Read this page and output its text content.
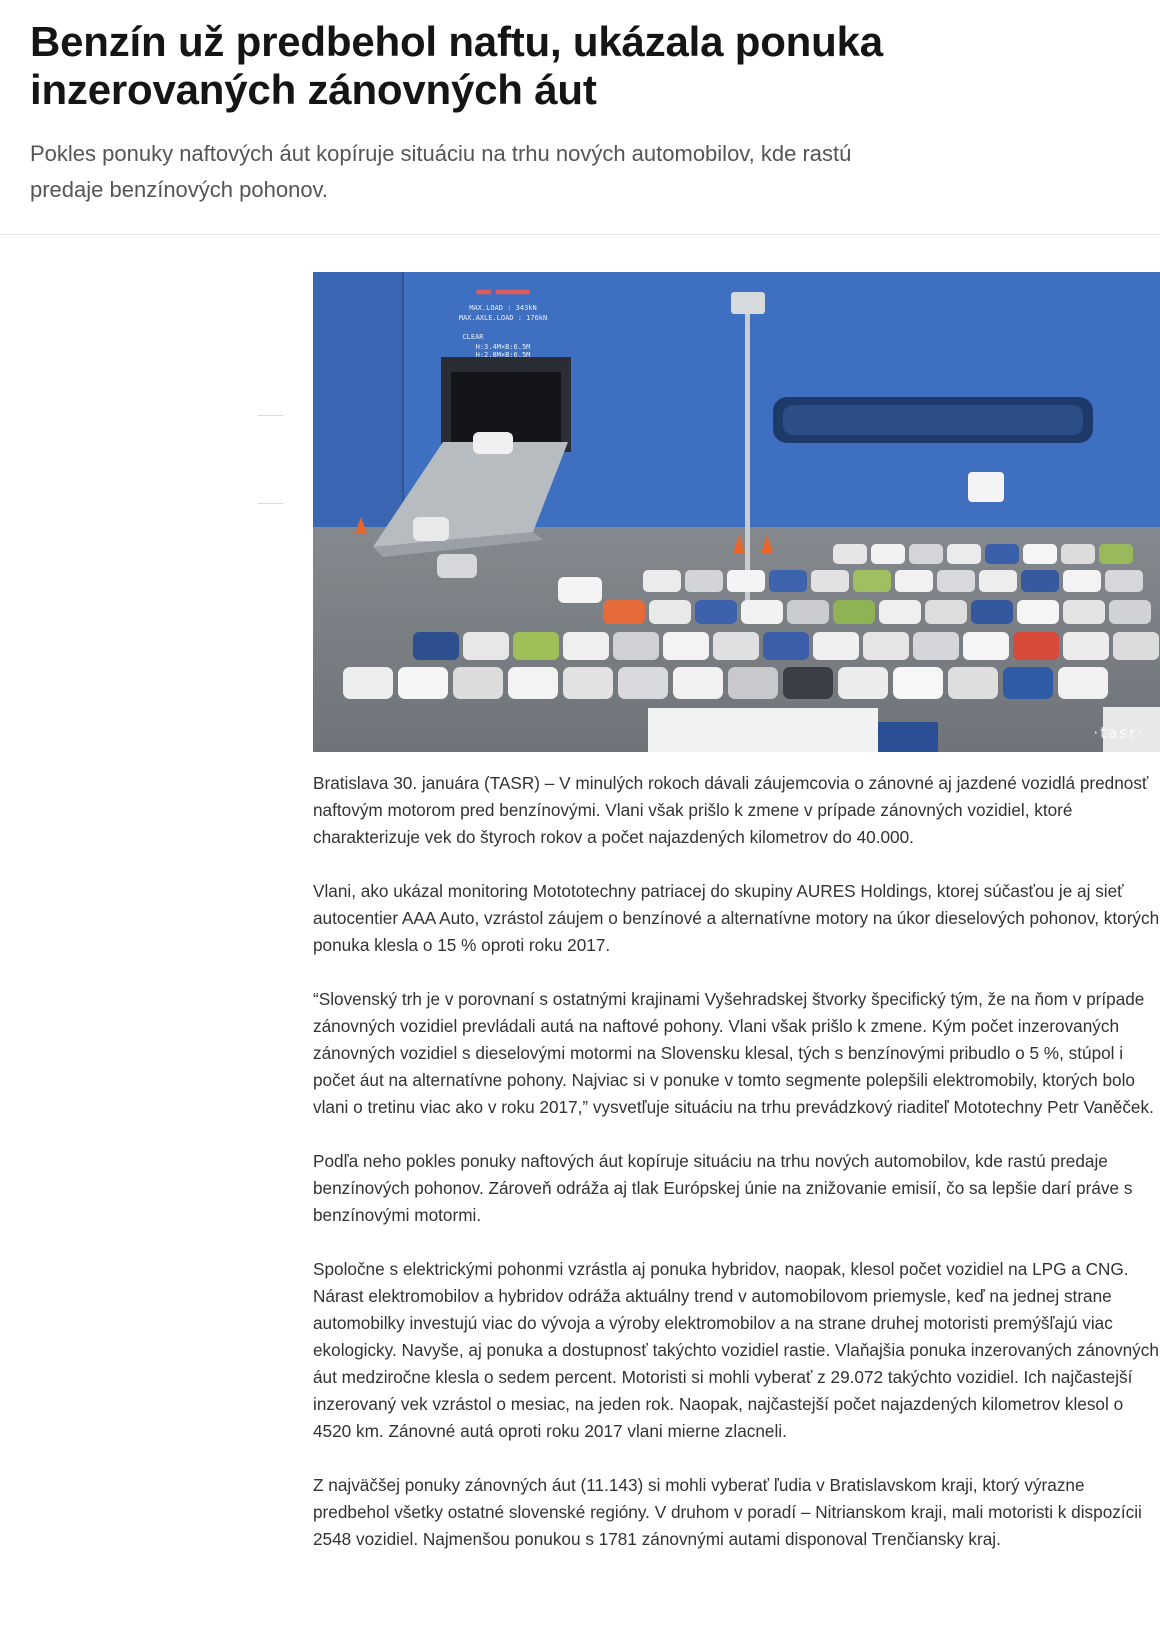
Benzín už predbehol naftu, ukázala ponuka inzerovaných zánovných áut

Pokles ponuky naftových áut kopíruje situáciu na trhu nových automobilov, kde rastú predaje benzínových pohonov.

■■■ ■■■■■■■
MAX.LOAD : 343kN
MAX.AXLE.LOAD : 176kN
CLEAR
H:3.4M×B:6.5M
H:2.8M×B:6.5M
·tasr·

Bratislava 30. januára (TASR) – V minulých rokoch dávali záujemcovia o zánovné aj jazdené vozidlá prednosť naftovým motorom pred benzínovými. Vlani však prišlo k zmene v prípade zánovných vozidiel, ktoré charakterizuje vek do štyroch rokov a počet najazdených kilometrov do 40.000.

Vlani, ako ukázal monitoring Motototechny patriacej do skupiny AURES Holdings, ktorej súčasťou je aj sieť autocentier AAA Auto, vzrástol záujem o benzínové a alternatívne motory na úkor dieselových pohonov, ktorých ponuka klesla o 15 % oproti roku 2017.

“Slovenský trh je v porovnaní s ostatnými krajinami Vyšehradskej štvorky špecifický tým, že na ňom v prípade zánovných vozidiel prevládali autá na naftové pohony. Vlani však prišlo k zmene. Kým počet inzerovaných zánovných vozidiel s dieselovými motormi na Slovensku klesal, tých s benzínovými pribudlo o 5 %, stúpol i počet áut na alternatívne pohony. Najviac si v ponuke v tomto segmente polepšili elektromobily, ktorých bolo vlani o tretinu viac ako v roku 2017,” vysvetľuje situáciu na trhu prevádzkový riaditeľ Mototechny Petr Vaněček.

Podľa neho pokles ponuky naftových áut kopíruje situáciu na trhu nových automobilov, kde rastú predaje benzínových pohonov. Zároveň odráža aj tlak Európskej únie na znižovanie emisií, čo sa lepšie darí práve s benzínovými motormi.

Spoločne s elektrickými pohonmi vzrástla aj ponuka hybridov, naopak, klesol počet vozidiel na LPG a CNG. Nárast elektromobilov a hybridov odráža aktuálny trend v automobilovom priemysle, keď na jednej strane automobilky investujú viac do vývoja a výroby elektromobilov a na strane druhej motoristi premýšľajú viac ekologicky. Navyše, aj ponuka a dostupnosť takýchto vozidiel rastie. Vlaňajšia ponuka inzerovaných zánovných áut medziročne klesla o sedem percent. Motoristi si mohli vyberať z 29.072 takýchto vozidiel. Ich najčastejší inzerovaný vek vzrástol o mesiac, na jeden rok. Naopak, najčastejší počet najazdených kilometrov klesol o 4520 km. Zánovné autá oproti roku 2017 vlani mierne zlacneli.

Z najväčšej ponuky zánovných áut (11.143) si mohli vyberať ľudia v Bratislavskom kraji, ktorý výrazne predbehol všetky ostatné slovenské regióny. V druhom v poradí – Nitrianskom kraji, mali motoristi k dispozícii 2548 vozidiel. Najmenšou ponukou s 1781 zánovnými autami disponoval Trenčiansky kraj.
